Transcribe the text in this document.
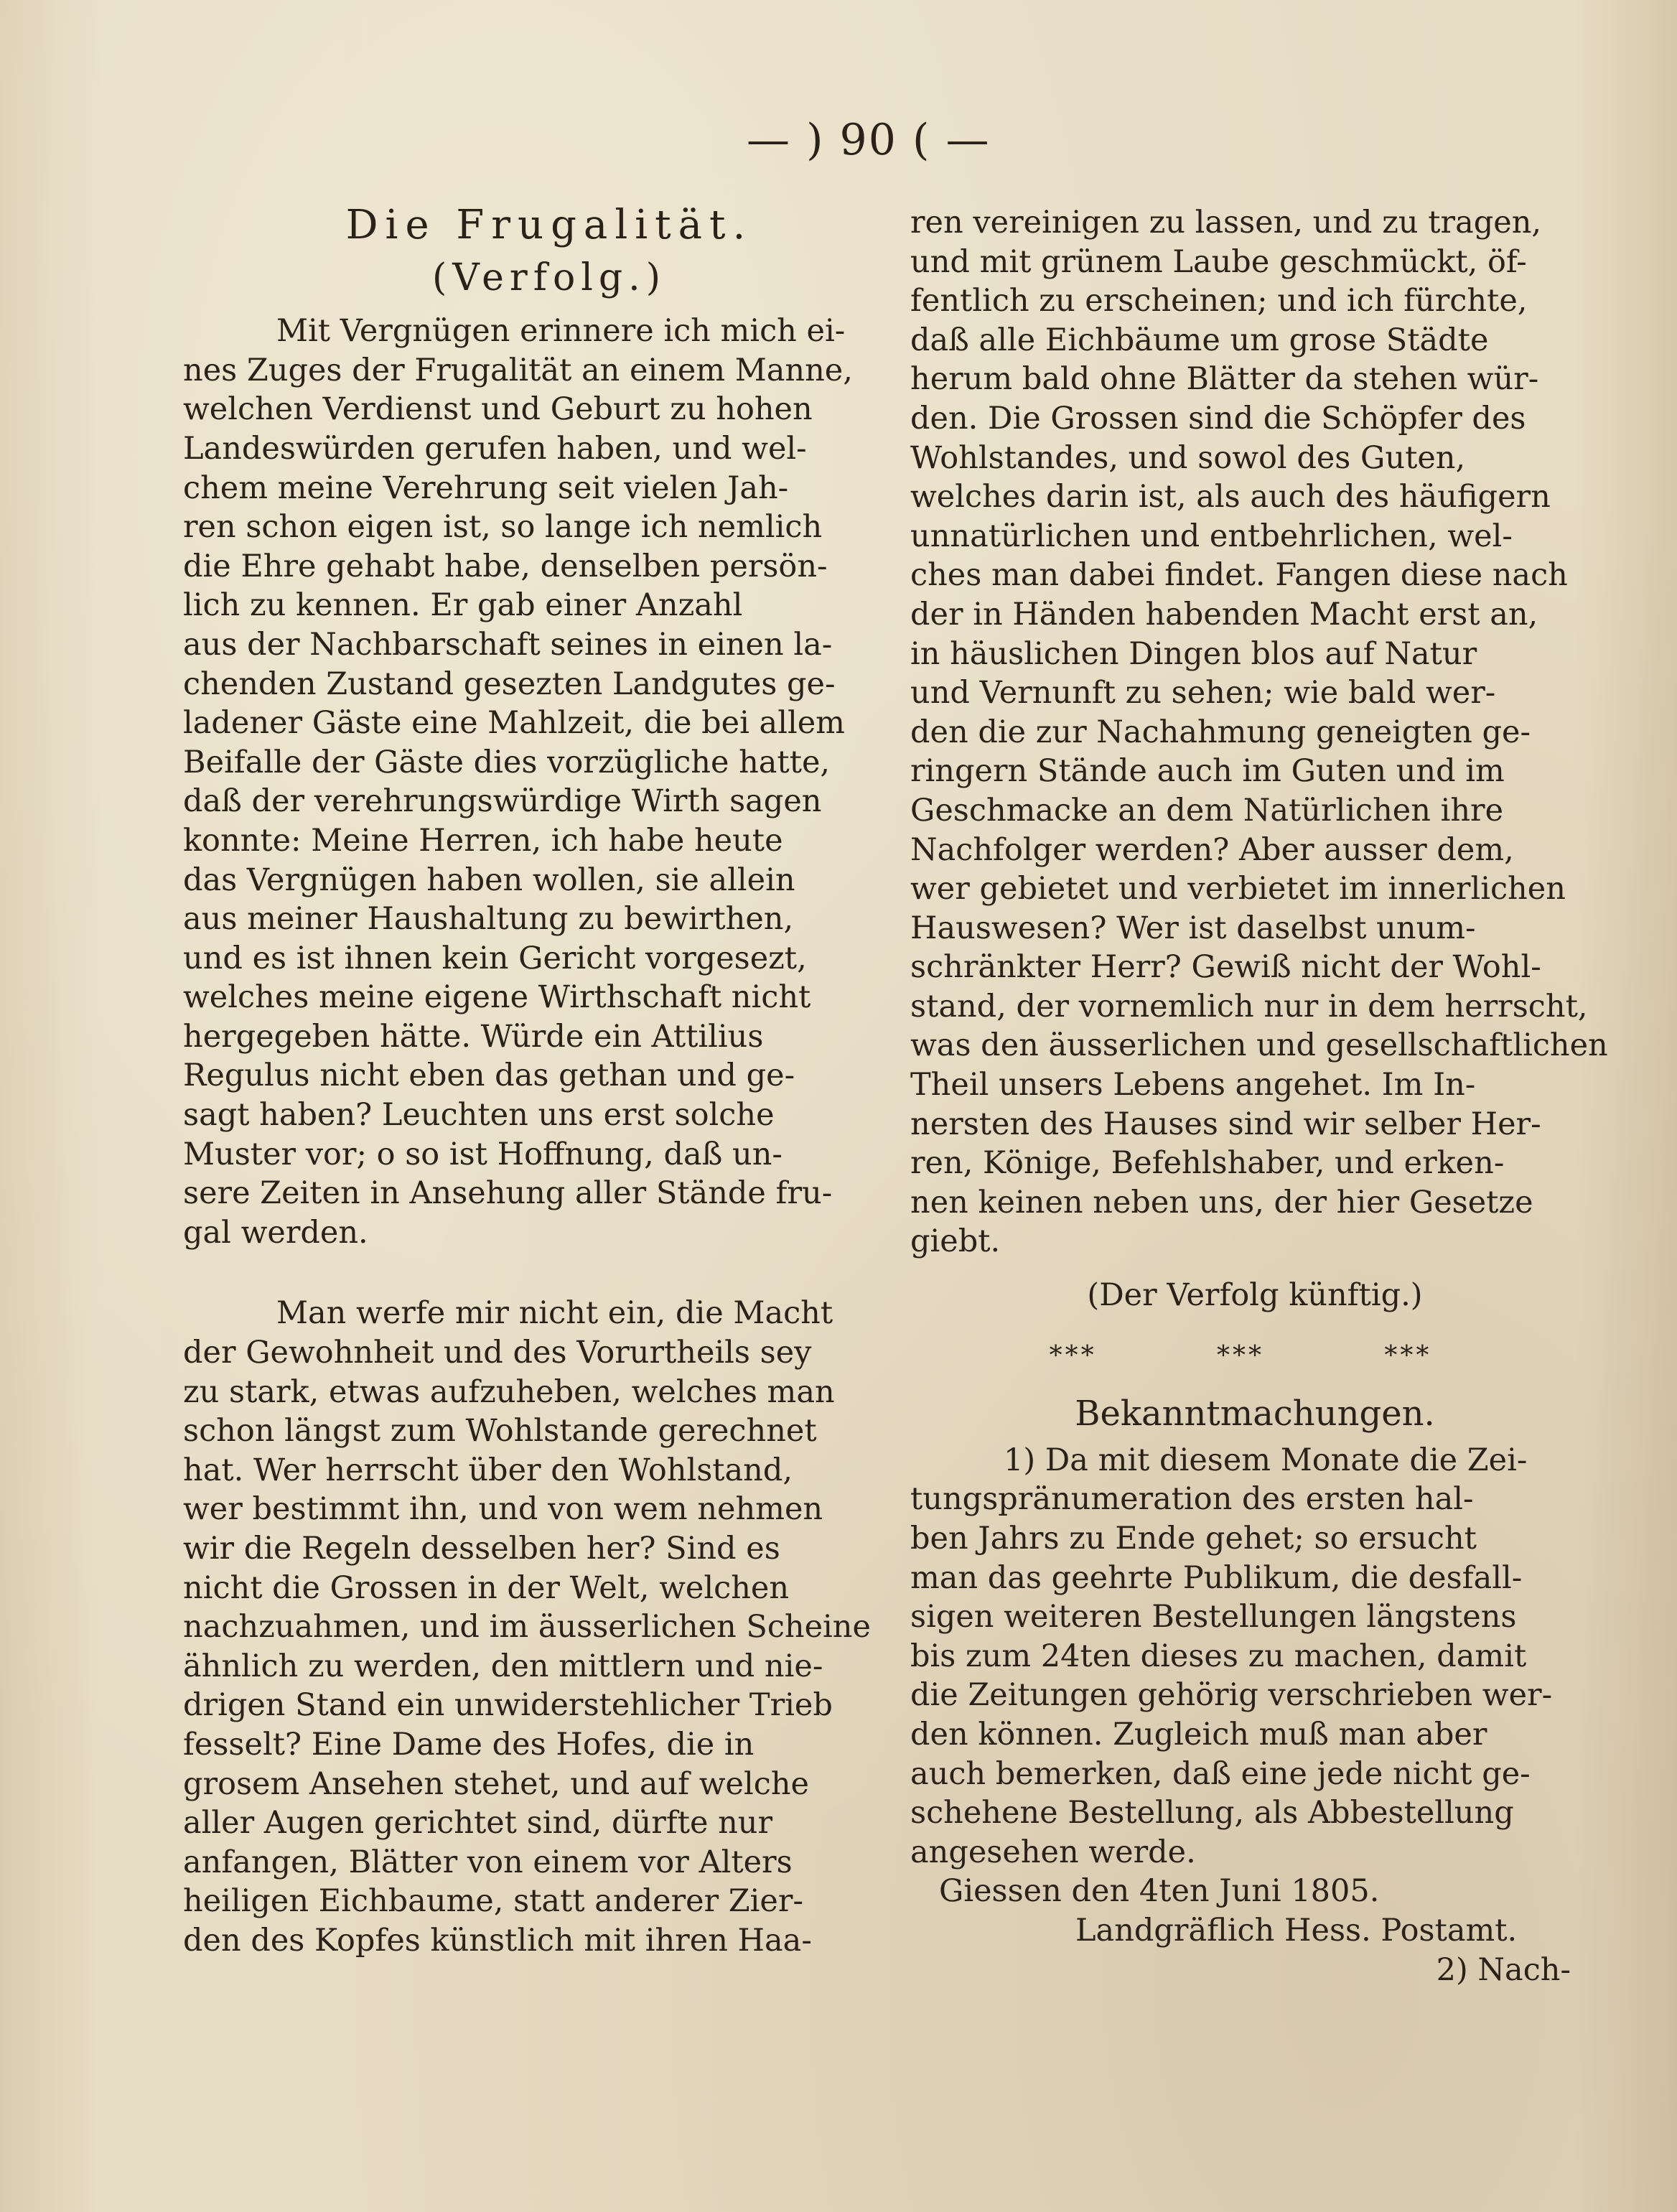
— ) 90 ( —
Die Frugalität.
(Verfolg.)

Mit Vergnügen erinnere ich mich ei-
nes Zuges der Frugalität an einem Manne,
welchen Verdienst und Geburt zu hohen
Landeswürden gerufen haben, und wel-
chem meine Verehrung seit vielen Jah-
ren schon eigen ist, so lange ich nemlich
die Ehre gehabt habe, denselben persön-
lich zu kennen. Er gab einer Anzahl
aus der Nachbarschaft seines in einen la-
chenden Zustand gesezten Landgutes ge-
ladener Gäste eine Mahlzeit, die bei allem
Beifalle der Gäste dies vorzügliche hatte,
daß der verehrungswürdige Wirth sagen
konnte: Meine Herren, ich habe heute
das Vergnügen haben wollen, sie allein
aus meiner Haushaltung zu bewirthen,
und es ist ihnen kein Gericht vorgesezt,
welches meine eigene Wirthschaft nicht
hergegeben hätte. Würde ein Attilius
Regulus nicht eben das gethan und ge-
sagt haben? Leuchten uns erst solche
Muster vor; o so ist Hoffnung, daß un-
sere Zeiten in Ansehung aller Stände fru-
gal werden.

Man werfe mir nicht ein, die Macht
der Gewohnheit und des Vorurtheils sey
zu stark, etwas aufzuheben, welches man
schon längst zum Wohlstande gerechnet
hat. Wer herrscht über den Wohlstand,
wer bestimmt ihn, und von wem nehmen
wir die Regeln desselben her? Sind es
nicht die Grossen in der Welt, welchen
nachzuahmen, und im äusserlichen Scheine
ähnlich zu werden, den mittlern und nie-
drigen Stand ein unwiderstehlicher Trieb
fesselt? Eine Dame des Hofes, die in
grosem Ansehen stehet, und auf welche
aller Augen gerichtet sind, dürfte nur
anfangen, Blätter von einem vor Alters
heiligen Eichbaume, statt anderer Zier-
den des Kopfes künstlich mit ihren Haa-

ren vereinigen zu lassen, und zu tragen,
und mit grünem Laube geschmückt, öf-
fentlich zu erscheinen; und ich fürchte,
daß alle Eichbäume um grose Städte
herum bald ohne Blätter da stehen wür-
den. Die Grossen sind die Schöpfer des
Wohlstandes, und sowol des Guten,
welches darin ist, als auch des häufigern
unnatürlichen und entbehrlichen, wel-
ches man dabei findet. Fangen diese nach
der in Händen habenden Macht erst an,
in häuslichen Dingen blos auf Natur
und Vernunft zu sehen; wie bald wer-
den die zur Nachahmung geneigten ge-
ringern Stände auch im Guten und im
Geschmacke an dem Natürlichen ihre
Nachfolger werden? Aber ausser dem,
wer gebietet und verbietet im innerlichen
Hauswesen? Wer ist daselbst unum-
schränkter Herr? Gewiß nicht der Wohl-
stand, der vornemlich nur in dem herrscht,
was den äusserlichen und gesellschaftlichen
Theil unsers Lebens angehet. Im In-
nersten des Hauses sind wir selber Her-
ren, Könige, Befehlshaber, und erken-
nen keinen neben uns, der hier Gesetze
giebt.

(Der Verfolg künftig.)
***	***	***
Bekanntmachungen.

1) Da mit diesem Monate die Zei-
tungspränumeration des ersten hal-
ben Jahrs zu Ende gehet; so ersucht
man das geehrte Publikum, die desfall-
sigen weiteren Bestellungen längstens
bis zum 24ten dieses zu machen, damit
die Zeitungen gehörig verschrieben wer-
den können. Zugleich muß man aber
auch bemerken, daß eine jede nicht ge-
schehene Bestellung, als Abbestellung
angesehen werde.

Giessen den 4ten Juni 1805.
Landgräflich Hess. Postamt.
2) Nach-
